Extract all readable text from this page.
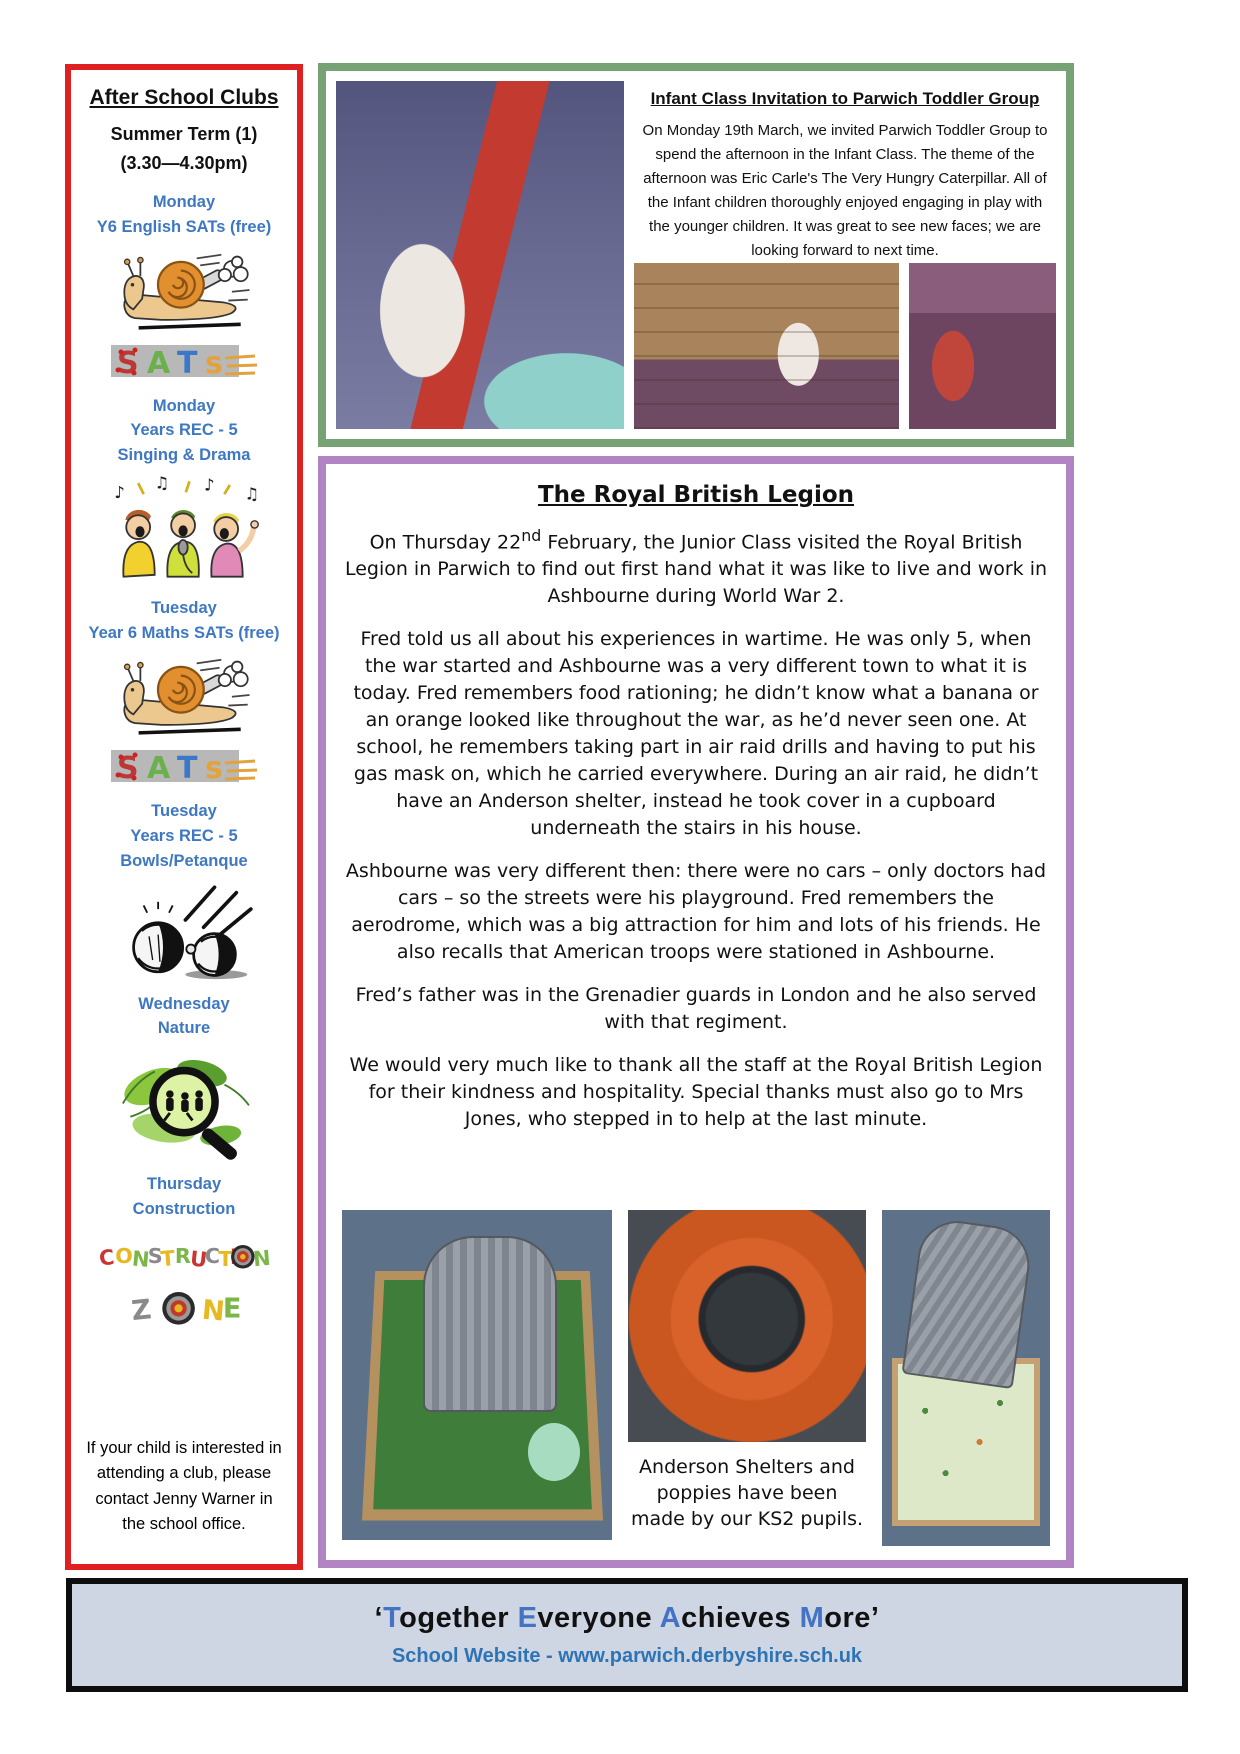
After School Clubs
Summer Term (1)
(3.30—4.30pm)
Monday
Y6 English SATs (free)
Monday
Years REC - 5
Singing & Drama
Tuesday
Year 6 Maths SATs (free)
Tuesday
Years REC - 5
Bowls/Petanque
Wednesday
Nature
Thursday
Construction
If your child is interested in attending a club, please contact Jenny Warner in the school office.
Infant Class Invitation to Parwich Toddler Group
On Monday 19th March, we invited Parwich Toddler Group to spend the afternoon in the Infant Class. The theme of the afternoon was Eric Carle's The Very Hungry Caterpillar. All of the Infant children thoroughly enjoyed engaging in play with the younger children. It was great to see new faces; we are looking forward to next time.
The Royal British Legion

On Thursday 22nd February, the Junior Class visited the Royal British Legion in Parwich to find out first hand what it was like to live and work in Ashbourne during World War 2.

Fred told us all about his experiences in wartime. He was only 5, when the war started and Ashbourne was a very different town to what it is today. Fred remembers food rationing; he didn’t know what a banana or an orange looked like throughout the war, as he’d never seen one. At school, he remembers taking part in air raid drills and having to put his gas mask on, which he carried everywhere. During an air raid, he didn’t have an Anderson shelter, instead he took cover in a cupboard underneath the stairs in his house.

Ashbourne was very different then: there were no cars – only doctors had cars – so the streets were his playground. Fred remembers the aerodrome, which was a big attraction for him and lots of his friends. He also recalls that American troops were stationed in Ashbourne.

Fred’s father was in the Grenadier guards in London and he also served with that regiment.

We would very much like to thank all the staff at the Royal British Legion for their kindness and hospitality. Special thanks must also go to Mrs Jones, who stepped in to help at the last minute.

Anderson Shelters and poppies have been made by our KS2 pupils.
‘Together Everyone Achieves More’
School Website - www.parwich.derbyshire.sch.uk
